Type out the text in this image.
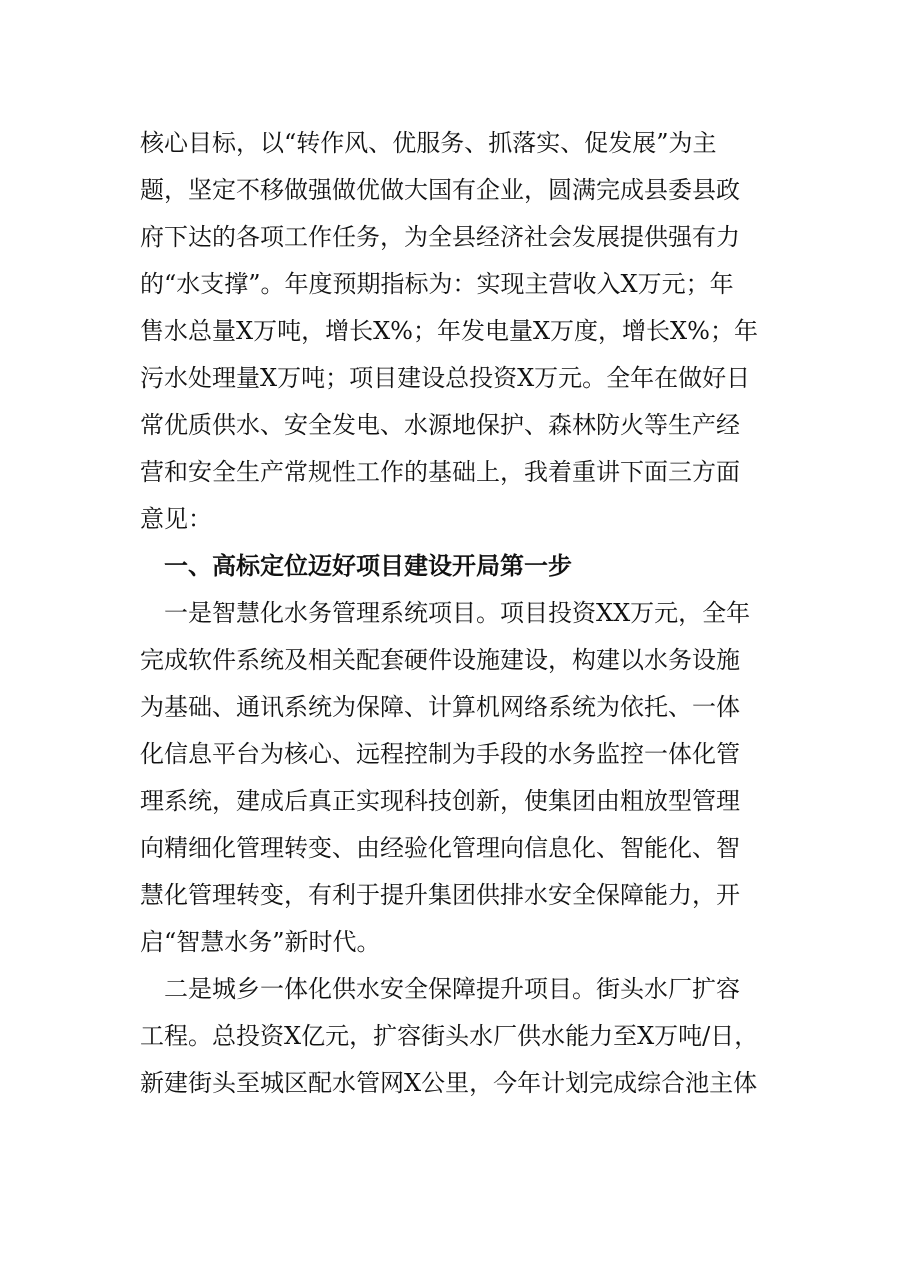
核心目标，以“转作风、优服务、抓落实、促发展”为主
题，坚定不移做强做优做大国有企业，圆满完成县委县政
府下达的各项工作任务，为全县经济社会发展提供强有力
的“水支撑”。年度预期指标为：实现主营收入X万元；年
售水总量X万吨，增长X%；年发电量X万度，增长X%；年
污水处理量X万吨；项目建设总投资X万元。全年在做好日
常优质供水、安全发电、水源地保护、森林防火等生产经
营和安全生产常规性工作的基础上，我着重讲下面三方面
意见：
　一、高标定位迈好项目建设开局第一步
　一是智慧化水务管理系统项目。项目投资XX万元，全年
完成软件系统及相关配套硬件设施建设，构建以水务设施
为基础、通讯系统为保障、计算机网络系统为依托、一体
化信息平台为核心、远程控制为手段的水务监控一体化管
理系统，建成后真正实现科技创新，使集团由粗放型管理
向精细化管理转变、由经验化管理向信息化、智能化、智
慧化管理转变，有利于提升集团供排水安全保障能力，开
启“智慧水务”新时代。
　二是城乡一体化供水安全保障提升项目。街头水厂扩容
工程。总投资X亿元，扩容街头水厂供水能力至X万吨/日，
新建街头至城区配水管网X公里，今年计划完成综合池主体
